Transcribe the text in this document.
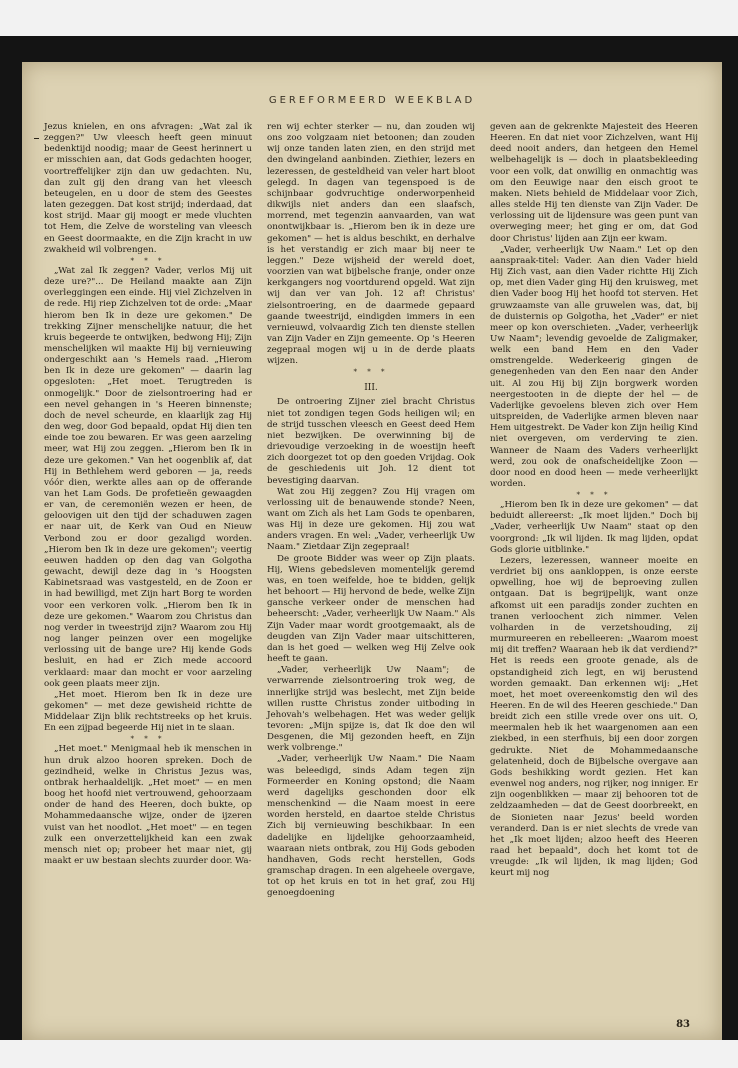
GEREFORMEERD WEEKBLAD

Jezus knielen, en ons afvragen: „Wat zal ik zeggen?" Uw vleesch heeft geen minuut bedenktijd noodig; maar de Geest herinnert u er misschien aan, dat Gods gedachten hooger, voortreffelijker zijn dan uw gedachten. Nu, dan zult gij den drang van het vleesch beteugelen, en u door de stem des Geestes laten gezeggen. Dat kost strijd; inderdaad, dat kost strijd. Maar gij moogt er mede vluchten tot Hem, die Zelve de worsteling van vleesch en Geest doormaakte, en die Zijn kracht in uw zwakheid wil volbrengen.

* * *

„Wat zal Ik zeggen? Vader, verlos Mij uit deze ure?"... De Heiland maakte aan Zijn overleggingen een einde. Hij viel Zichzelven in de rede. Hij riep Zichzelven tot de orde: „Maar hierom ben Ik in deze ure gekomen." De trekking Zijner menschelijke natuur, die het kruis begeerde te ontwijken, bedwong Hij; Zijn menschelijken wil maakte Hij bij vernieuwing ondergeschikt aan 's Hemels raad. „Hierom ben Ik in deze ure gekomen" — daarin lag opgesloten: „Het moet. Terugtreden is onmogelijk." Door de zielsontroering had er een nevel gehangen in 's Heeren binnenste; doch de nevel scheurde, en klaarlijk zag Hij den weg, door God bepaald, opdat Hij dien ten einde toe zou bewaren. Er was geen aarzeling meer, wat Hij zou zeggen. „Hierom ben Ik in deze ure gekomen." Van het oogenblik af, dat Hij in Bethlehem werd geboren — ja, reeds vóór dien, werkte alles aan op de offerande van het Lam Gods. De profetieën gewaagden er van, de ceremoniën wezen er heen, de geloovigen uit den tijd der schaduwen zagen er naar uit, de Kerk van Oud en Nieuw Verbond zou er door gezaligd worden. „Hierom ben Ik in deze ure gekomen"; veertig eeuwen hadden op den dag van Golgotha gewacht, dewijl deze dag in 's Hoogsten Kabinetsraad was vastgesteld, en de Zoon er in had bewilligd, met Zijn hart Borg te worden voor een verkoren volk. „Hierom ben Ik in deze ure gekomen." Waarom zou Christus dan nog verder in tweestrijd zijn? Waarom zou Hij nog langer peinzen over een mogelijke verlossing uit de bange ure? Hij kende Gods besluit, en had er Zich mede accoord verklaard: maar dan mocht er voor aarzeling ook geen plaats meer zijn.

„Het moet. Hierom ben Ik in deze ure gekomen" — met deze gewisheid richtte de Middelaar Zijn blik rechtstreeks op het kruis. En een zijpad begeerde Hij niet in te slaan.

* * *

„Het moet." Menigmaal heb ik menschen in hun druk alzoo hooren spreken. Doch de gezindheid, welke in Christus Jezus was, ontbrak herhaaldelijk. „Het moet" — en men boog het hoofd niet vertrouwend, gehoorzaam onder de hand des Heeren, doch bukte, op Mohammedaansche wijze, onder de ijzeren vuist van het noodlot. „Het moet" — en tegen zulk een onverzettelijkheid kan een zwak mensch niet op; probeer het maar niet, gij maakt er uw bestaan slechts zuurder door. Wa-

ren wij echter sterker — nu, dan zouden wij ons zoo volgzaam niet betoonen; dan zouden wij onze tanden laten zien, en den strijd met den dwingeland aanbinden. Ziethier, lezers en lezeressen, de gesteldheid van veler hart bloot gelegd. In dagen van tegenspoed is de schijnbaar godvruchtige onderworpenheid dikwijls niet anders dan een slaafsch, morrend, met tegenzin aanvaarden, van wat onontwijkbaar is. „Hierom ben ik in deze ure gekomen" — het is aldus beschikt, en derhalve is het verstandig er zich maar bij neer te leggen." Deze wijsheid der wereld doet, voorzien van wat bijbelsche franje, onder onze kerkgangers nog voortdurend opgeld. Wat zijn wij dan ver van Joh. 12 af! Christus' zielsontroering, en de daarmede gepaard gaande tweestrijd, eindigden immers in een vernieuwd, volvaardig Zich ten dienste stellen van Zijn Vader en Zijn gemeente. Op 's Heeren zegepraal mogen wij u in de derde plaats wijzen.

* * *
III.

De ontroering Zijner ziel bracht Christus niet tot zondigen tegen Gods heiligen wil; en de strijd tusschen vleesch en Geest deed Hem niet bezwijken. De overwinning bij de drievoudige verzoeking in de woestijn heeft zich doorgezet tot op den goeden Vrijdag. Ook de geschiedenis uit Joh. 12 dient tot bevestiging daarvan.

Wat zou Hij zeggen? Zou Hij vragen om verlossing uit de benauwende stonde? Neen, want om Zich als het Lam Gods te openbaren, was Hij in deze ure gekomen. Hij zou wat anders vragen. En wel: „Vader, verheerlijk Uw Naam." Zietdaar Zijn zegepraal!

De groote Bidder was weer op Zijn plaats. Hij, Wiens gebedsleven momentelijk geremd was, en toen weifelde, hoe te bidden, gelijk het behoort — Hij hervond de bede, welke Zijn gansche verkeer onder de menschen had beheerscht: „Vader, verheerlijk Uw Naam." Als Zijn Vader maar wordt grootgemaakt, als de deugden van Zijn Vader maar uitschitteren, dan is het goed — welken weg Hij Zelve ook heeft te gaan.

„Vader, verheerlijk Uw Naam"; de verwarrende zielsontroering trok weg, de innerlijke strijd was beslecht, met Zijn beide willen rustte Christus zonder uitboding in Jehovah's welbehagen. Het was weder gelijk tevoren: „Mijn spijze is, dat Ik doe den wil Desgenen, die Mij gezonden heeft, en Zijn werk volbrenge."

„Vader, verheerlijk Uw Naam." Die Naam was beleedigd, sinds Adam tegen zijn Formeerder en Koning opstond; die Naam werd dagelijks geschonden door elk menschenkind — die Naam moest in eere worden hersteld, en daartoe stelde Christus Zich bij vernieuwing beschikbaar. In een dadelijke en lijdelijke gehoorzaamheid, waaraan niets ontbrak, zou Hij Gods geboden handhaven, Gods recht herstellen, Gods gramschap dragen. In een algeheele overgave, tot op het kruis en tot in het graf, zou Hij genoegdoening

geven aan de gekrenkte Majesteit des Heeren Heeren. En dat niet voor Zichzelven, want Hij deed nooit anders, dan hetgeen den Hemel welbehagelijk is — doch in plaatsbekleeding voor een volk, dat onwillig en onmachtig was om den Eeuwige naar den eisch groot te maken. Niets behield de Middelaar voor Zich, alles stelde Hij ten dienste van Zijn Vader. De verlossing uit de lijdensure was geen punt van overweging meer; het ging er om, dat God door Christus' lijden aan Zijn eer kwam.

„Vader, verheerlijk Uw Naam." Let op den aanspraak-titel: Vader. Aan dien Vader hield Hij Zich vast, aan dien Vader richtte Hij Zich op, met dien Vader ging Hij den kruisweg, met dien Vader boog Hij het hoofd tot sterven. Het gruwzaamste van alle gruwelen was, dat, bij de duisternis op Golgotha, het „Vader" er niet meer op kon overschieten. „Vader, verheerlijk Uw Naam"; levendig gevoelde de Zaligmaker, welk een band Hem en den Vader omstrengelde. Wederkeerig gingen de genegenheden van den Een naar den Ander uit. Al zou Hij bij Zijn borgwerk worden neergestooten in de diepte der hel — de Vaderlijke gevoelens bleven zich over Hem uitspreiden, de Vaderlijke armen bleven naar Hem uitgestrekt. De Vader kon Zijn heilig Kind niet overgeven, om verderving te zien. Wanneer de Naam des Vaders verheerlijkt werd, zou ook de onafscheidelijke Zoon — door nood en dood heen — mede verheerlijkt worden.

* * *

„Hierom ben Ik in deze ure gekomen" — dat beduidt allereerst: „Ik moet lijden." Doch bij „Vader, verheerlijk Uw Naam" staat op den voorgrond: „Ik wil lijden. Ik mag lijden, opdat Gods glorie uitblinke."

Lezers, lezeressen, wanneer moeite en verdriet bij ons aankloppen, is onze eerste opwelling, hoe wij de beproeving zullen ontgaan. Dat is begrijpelijk, want onze afkomst uit een paradijs zonder zuchten en tranen verloochent zich nimmer. Velen volharden in de verzetshouding, zij murmureeren en rebelleeren: „Waarom moest mij dit treffen? Waaraan heb ik dat verdiend?" Het is reeds een groote genade, als de opstandigheid zich legt, en wij berustend worden gemaakt. Dan erkennen wij: „Het moet, het moet overeenkomstig den wil des Heeren. En de wil des Heeren geschiede." Dan breidt zich een stille vrede over ons uit. O, meermalen heb ik het waargenomen aan een ziekbed, in een sterfhuis, bij een door zorgen gedrukte. Niet de Mohammedaansche gelatenheid, doch de Bijbelsche overgave aan Gods beshikking wordt gezien. Het kan evenwel nog anders, nog rijker, nog inniger. Er zijn oogenblikken — maar zij behooren tot de zeldzaamheden — dat de Geest doorbreekt, en de Sionieten naar Jezus' beeld worden veranderd. Dan is er niet slechts de vrede van het „Ik moet lijden; alzoo heeft des Heeren raad het bepaald", doch het komt tot de vreugde: „Ik wil lijden, ik mag lijden; God keurt mij nog

83
